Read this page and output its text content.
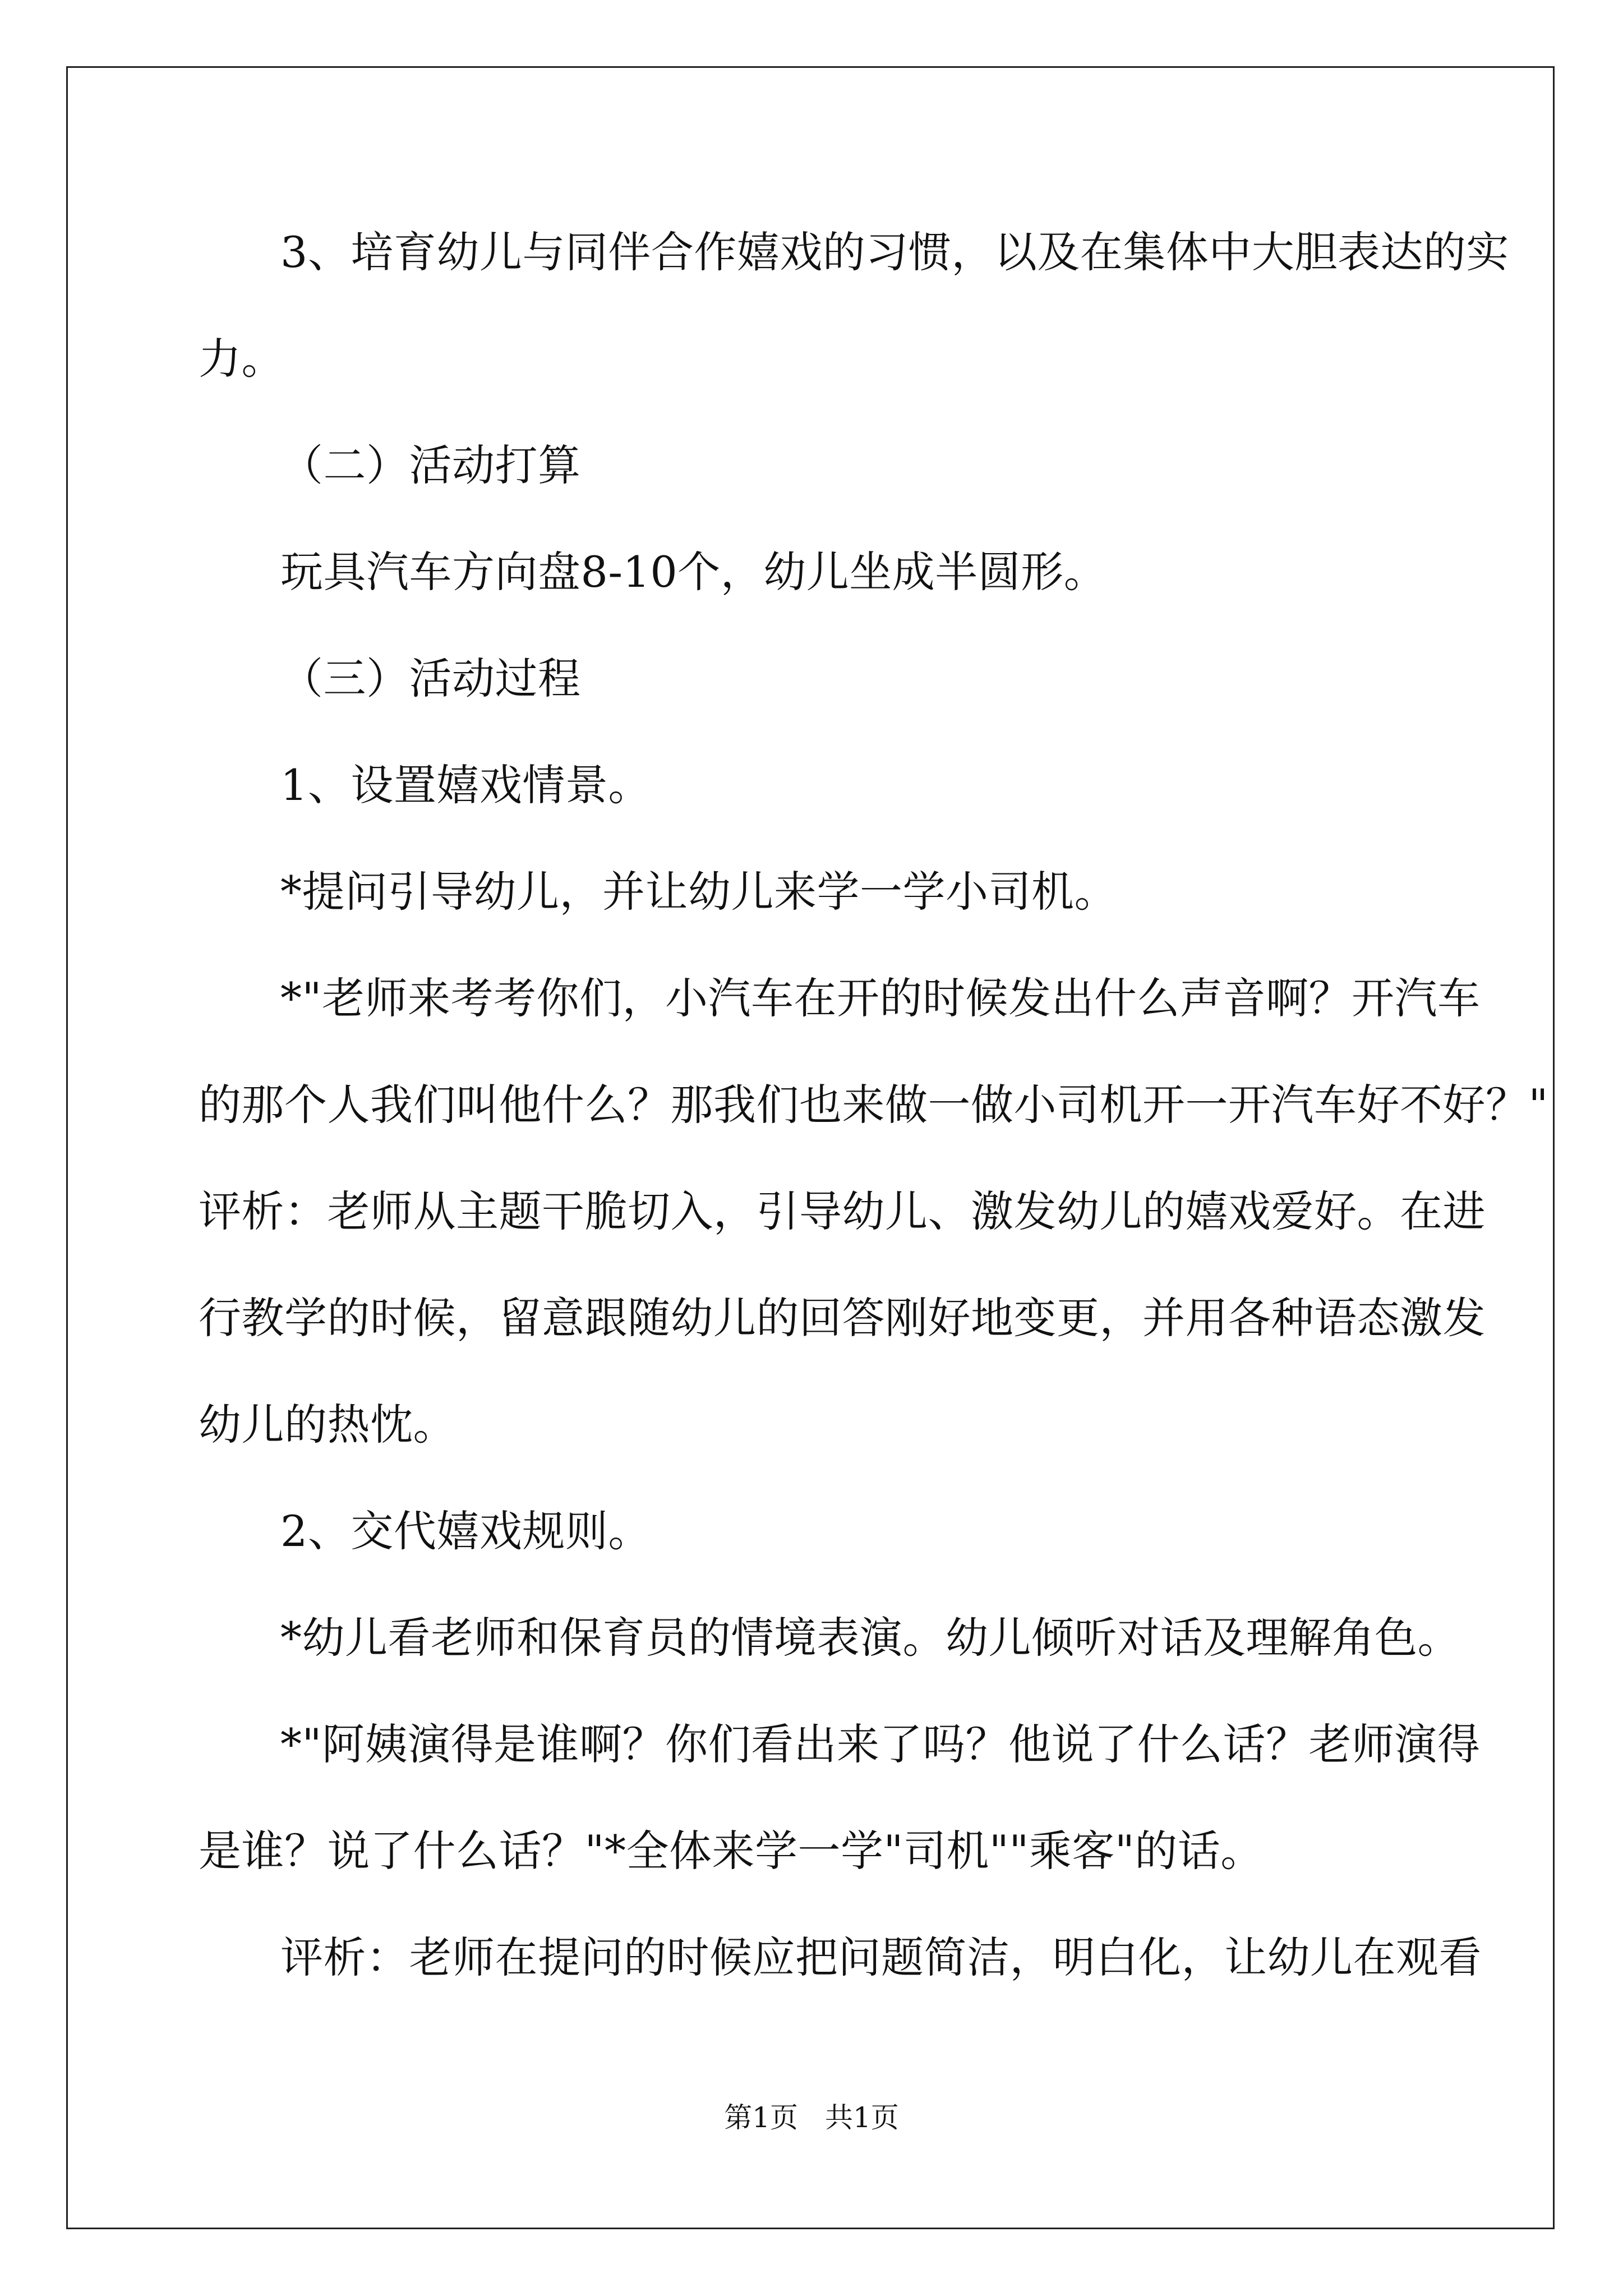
3、培育幼儿与同伴合作嬉戏的习惯，以及在集体中大胆表达的实
力。
（二）活动打算
玩具汽车方向盘8-10个，幼儿坐成半圆形。
（三）活动过程
1、设置嬉戏情景。
*提问引导幼儿，并让幼儿来学一学小司机。
*"老师来考考你们，小汽车在开的时候发出什么声音啊？开汽车
的那个人我们叫他什么？那我们也来做一做小司机开一开汽车好不好？"
评析：老师从主题干脆切入，引导幼儿、激发幼儿的嬉戏爱好。在进
行教学的时候，留意跟随幼儿的回答刚好地变更，并用各种语态激发
幼儿的热忱。
2、交代嬉戏规则。
*幼儿看老师和保育员的情境表演。幼儿倾听对话及理解角色。
*"阿姨演得是谁啊？你们看出来了吗？他说了什么话？老师演得
是谁？说了什么话？"*全体来学一学"司机""乘客"的话。
评析：老师在提问的时候应把问题简洁，明白化，让幼儿在观看
第1页 共1页
